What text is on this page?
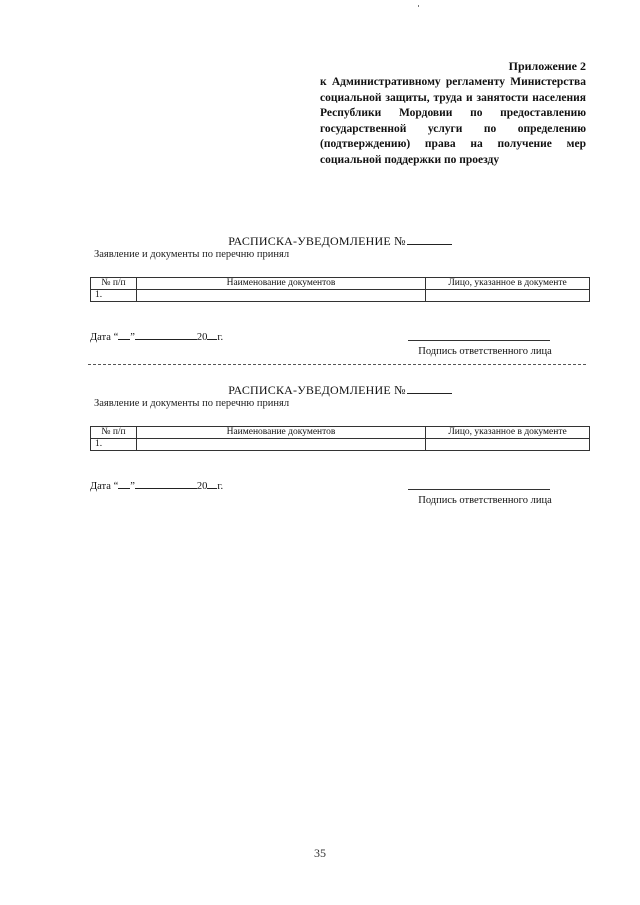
Приложение 2
к Административному регламенту Министерства социальной защиты, труда и занятости населения Республики Мордовии по предоставлению государственной услуги по определению (подтверждению) права на получение мер социальной поддержки по проезду
РАСПИСКА-УВЕДОМЛЕНИЕ №
Заявление и документы по перечню принял
№ п/п	Наименование документов	Лицо, указанное в документе
1.		
Дата “ ”	20 г.
Подпись ответственного лица
РАСПИСКА-УВЕДОМЛЕНИЕ №
Заявление и документы по перечню принял
№ п/п	Наименование документов	Лицо, указанное в документе
1.		
Дата “ ”	20 г.
Подпись ответственного лица
35
